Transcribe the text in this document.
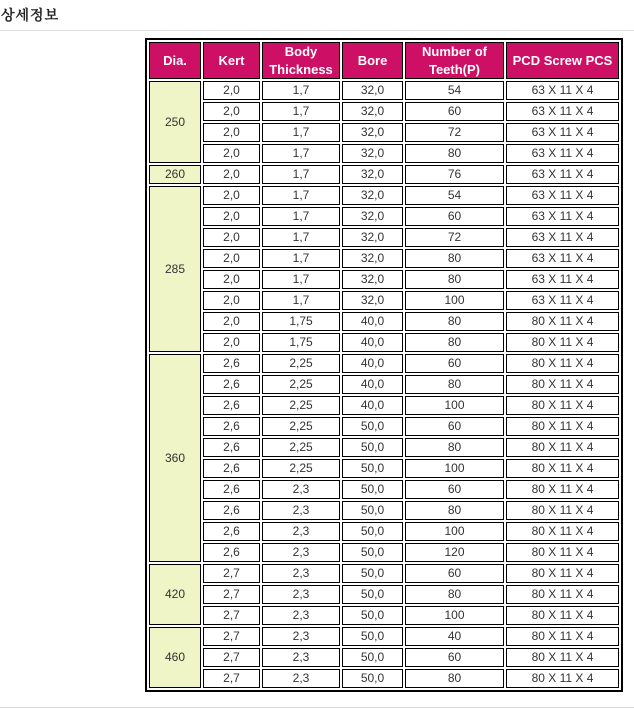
상세정보
Dia.	Kert	Body Thickness	Bore	Number of Teeth(P)	PCD Screw PCS
250	2,0	1,7	32,0	54	63 X 11 X 4
	2,0	1,7	32,0	60	63 X 11 X 4
	2,0	1,7	32,0	72	63 X 11 X 4
	2,0	1,7	32,0	80	63 X 11 X 4
260	2,0	1,7	32,0	76	63 X 11 X 4
285	2,0	1,7	32,0	54	63 X 11 X 4
	2,0	1,7	32,0	60	63 X 11 X 4
	2,0	1,7	32,0	72	63 X 11 X 4
	2,0	1,7	32,0	80	63 X 11 X 4
	2,0	1,7	32,0	80	63 X 11 X 4
	2,0	1,7	32,0	100	63 X 11 X 4
	2,0	1,75	40,0	80	80 X 11 X 4
	2,0	1,75	40,0	80	80 X 11 X 4
360	2,6	2,25	40,0	60	80 X 11 X 4
	2,6	2,25	40,0	80	80 X 11 X 4
	2,6	2,25	40,0	100	80 X 11 X 4
	2,6	2,25	50,0	60	80 X 11 X 4
	2,6	2,25	50,0	80	80 X 11 X 4
	2,6	2,25	50,0	100	80 X 11 X 4
	2,6	2,3	50,0	60	80 X 11 X 4
	2,6	2,3	50,0	80	80 X 11 X 4
	2,6	2,3	50,0	100	80 X 11 X 4
	2,6	2,3	50,0	120	80 X 11 X 4
420	2,7	2,3	50,0	60	80 X 11 X 4
	2,7	2,3	50,0	80	80 X 11 X 4
	2,7	2,3	50,0	100	80 X 11 X 4
460	2,7	2,3	50,0	40	80 X 11 X 4
	2,7	2,3	50,0	60	80 X 11 X 4
	2,7	2,3	50,0	80	80 X 11 X 4
